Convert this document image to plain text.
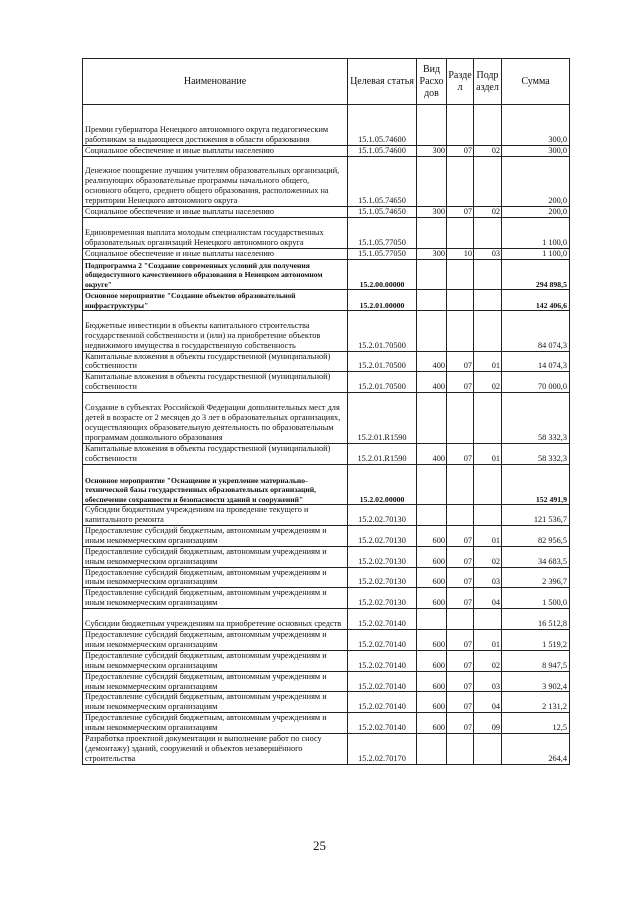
Наименование	Целевая статья	Вид Расхо дов	Разде л	Подр аздел	Сумма
Премии губернатора Ненецкого автономного округа педагогическим работникам за выдающиеся достижения в области образования	15.1.05.74600				300,0
Социальное обеспечение и иные выплаты населению	15.1.05.74600	300	07	02	300,0
Денежное поощрение лучшим учителям образовательных организаций, реализующих образовательные программы начального общего, основного общего, среднего общего образования, расположенных на территории Ненецкого автономного округа	15.1.05.74650				200,0
Социальное обеспечение и иные выплаты населению	15.1.05.74650	300	07	02	200,0
Единовременная выплата молодым специалистам государственных образовательных организаций Ненецкого автономного округа	15.1.05.77050				1 100,0
Социальное обеспечение и иные выплаты населению	15.1.05.77050	300	10	03	1 100,0
Подпрограмма 2 "Создание современных условий для получения общедоступного качественного образования в Ненецком автономном округе"	15.2.00.00000				294 898,5
Основное мероприятие "Создание объектов образовательной инфраструктуры"	15.2.01.00000				142 406,6
Бюджетные инвестиции в объекты капитального строительства государственной собственности и (или) на приобретение объектов недвижимого имущества в государственную собственность	15.2.01.70500				84 074,3
Капитальные вложения в объекты государственной (муниципальной) собственности	15.2.01.70500	400	07	01	14 074,3
Капитальные вложения в объекты государственной (муниципальной) собственности	15.2.01.70500	400	07	02	70 000,0
Создание в субъектах Российской Федерации дополнительных мест для детей в возрасте от 2 месяцев до 3 лет в образовательных организациях, осуществляющих образовательную деятельность по образовательным программам дошкольного образования	15.2.01.R1590				58 332,3
Капитальные вложения в объекты государственной (муниципальной) собственности	15.2.01.R1590	400	07	01	58 332,3
Основное мероприятие "Оснащение и укрепление материально-технической базы государственных образовательных организаций, обеспечение сохранности и безопасности зданий и сооружений"	15.2.02.00000				152 491,9
Субсидии бюджетным учреждениям на проведение текущего и капитального ремонта	15.2.02.70130				121 536,7
Предоставление субсидий бюджетным, автономным учреждениям и иным некоммерческим организациям	15.2.02.70130	600	07	01	82 956,5
Предоставление субсидий бюджетным, автономным учреждениям и иным некоммерческим организациям	15.2.02.70130	600	07	02	34 683,5
Предоставление субсидий бюджетным, автономным учреждениям и иным некоммерческим организациям	15.2.02.70130	600	07	03	2 396,7
Предоставление субсидий бюджетным, автономным учреждениям и иным некоммерческим организациям	15.2.02.70130	600	07	04	1 500,0
Субсидии бюджетным учреждениям на приобретение основных средств	15.2.02.70140				16 512,8
Предоставление субсидий бюджетным, автономным учреждениям и иным некоммерческим организациям	15.2.02.70140	600	07	01	1 519,2
Предоставление субсидий бюджетным, автономным учреждениям и иным некоммерческим организациям	15.2.02.70140	600	07	02	8 947,5
Предоставление субсидий бюджетным, автономным учреждениям и иным некоммерческим организациям	15.2.02.70140	600	07	03	3 902,4
Предоставление субсидий бюджетным, автономным учреждениям и иным некоммерческим организациям	15.2.02.70140	600	07	04	2 131,2
Предоставление субсидий бюджетным, автономным учреждениям и иным некоммерческим организациям	15.2.02.70140	600	07	09	12,5
Разработка проектной документации и выполнение работ по сносу (демонтажу) зданий, сооружений и объектов незавершённого строительства	15.2.02.70170				264,4
25
